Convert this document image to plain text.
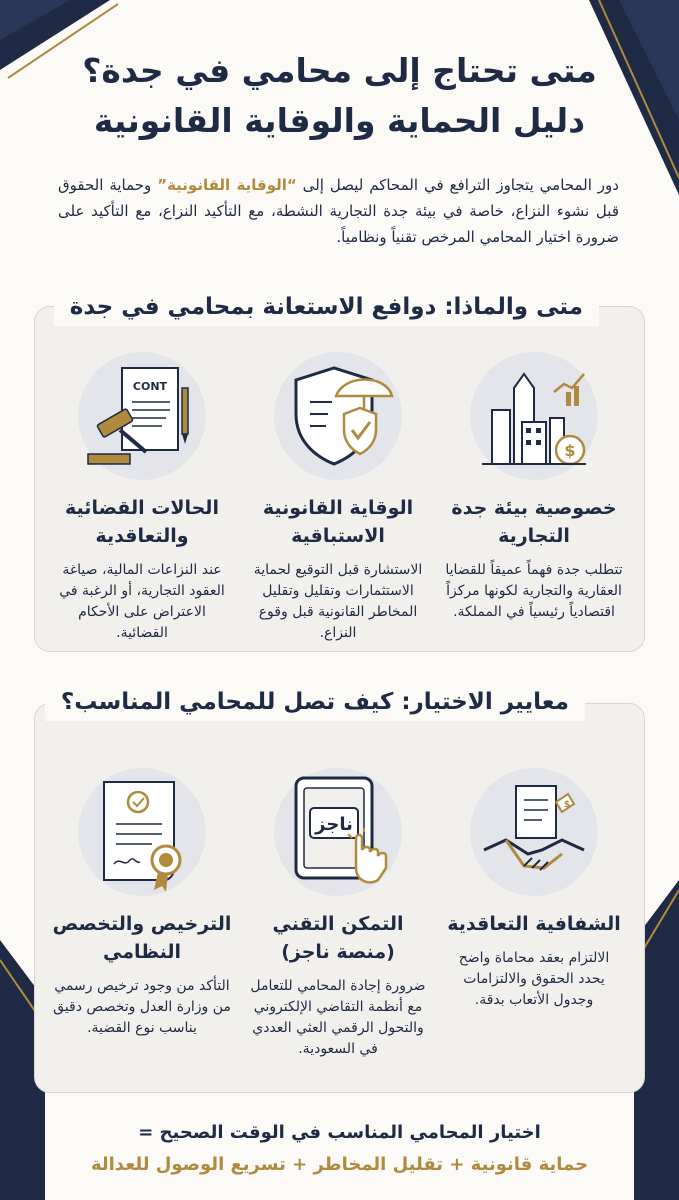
متى تحتاج إلى محامي في جدة؟
دليل الحماية والوقاية القانونية

دور المحامي يتجاوز الترافع في المحاكم ليصل إلى “الوقاية القانونية” وحماية الحقوق قبل نشوء النزاع، خاصة في بيئة جدة التجارية النشطة، مع التأكيد النزاع، مع التأكيد على ضرورة اختيار المحامي المرخص تقنياً ونظامياً.

متى والماذا: دوافع الاستعانة بمحامي في جدة
$
خصوصية بيئة جدة التجارية

تتطلب جدة فهماً عميقاً للقضايا العقارية والتجارية لكونها مركزاً اقتصادياً رئيسياً في المملكة.

الوقاية القانونية الاستباقية

الاستشارة قبل التوقيع لحماية الاستثمارات وتقليل وتقليل المخاطر القانونية قبل وقوع النزاع.

CONT
الحالات القضائية والتعاقدية

عند النزاعات المالية، صياغة العقود التجارية، أو الرغبة في الاعتراض على الأحكام القضائية.

معايير الاختيار: كيف تصل للمحامي المناسب؟
$
الشفافية التعاقدية

الالتزام بعقد محاماة واضح يحدد الحقوق والالتزامات وجدول الأتعاب بدقة.

ناجز
التمكن التقني (منصة ناجز)

ضرورة إجادة المحامي للتعامل مع أنظمة التقاضي الإلكتروني والتحول الرقمي العثي العددي في السعودية.

الترخيص والتخصص النظامي

التأكد من وجود ترخيص رسمي من وزارة العدل وتخصص دقيق يناسب نوع القضية.

اختيار المحامي المناسب في الوقت الصحيح =

حماية قانونية + تقليل المخاطر + تسريع الوصول للعدالة
